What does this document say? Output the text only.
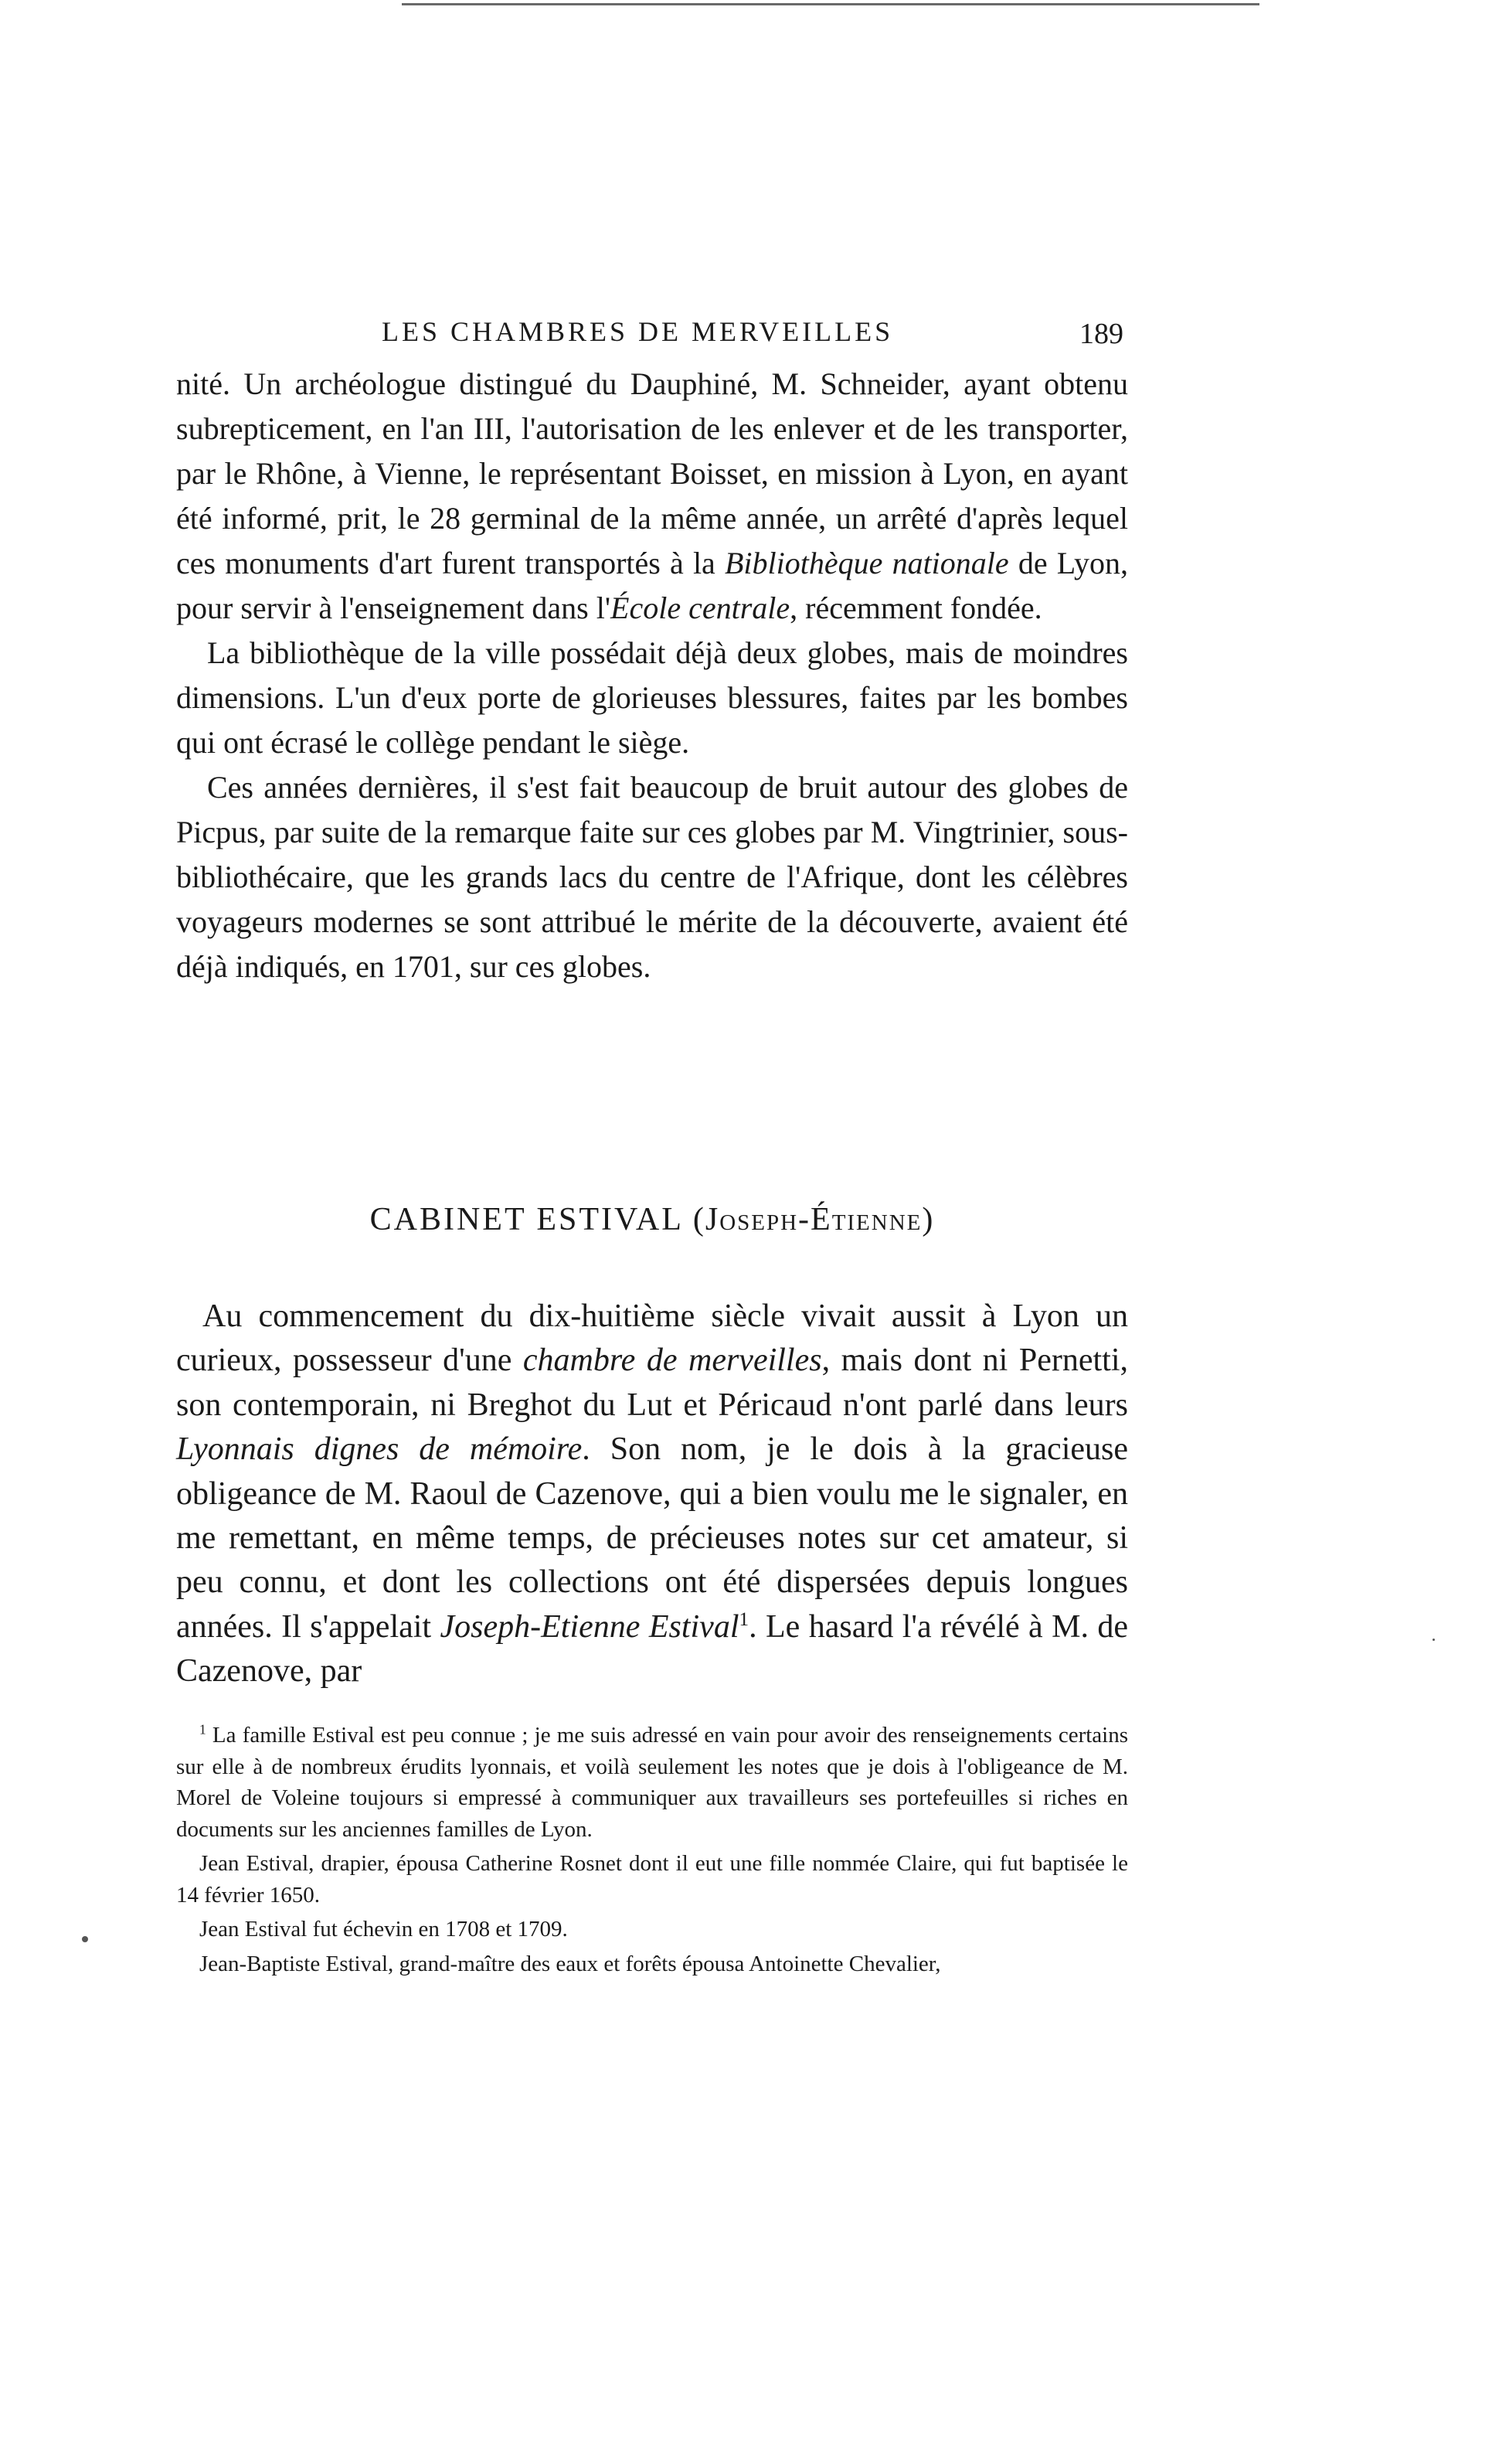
LES CHAMBRES DE MERVEILLES	189

nité. Un archéologue distingué du Dauphiné, M. Schneider, ayant obtenu subrepticement, en l'an III, l'autorisation de les enlever et de les transporter, par le Rhône, à Vienne, le représentant Boisset, en mission à Lyon, en ayant été informé, prit, le 28 germinal de la même année, un arrêté d'après lequel ces monuments d'art furent transportés à la Bibliothèque nationale de Lyon, pour servir à l'enseignement dans l'École centrale, récemment fondée.

La bibliothèque de la ville possédait déjà deux globes, mais de moindres dimensions. L'un d'eux porte de glorieuses blessures, faites par les bombes qui ont écrasé le collège pendant le siège.

Ces années dernières, il s'est fait beaucoup de bruit autour des globes de Picpus, par suite de la remarque faite sur ces globes par M. Vingtrinier, sous-bibliothécaire, que les grands lacs du centre de l'Afrique, dont les célèbres voyageurs modernes se sont attribué le mérite de la découverte, avaient été déjà indiqués, en 1701, sur ces globes.

CABINET ESTIVAL (Joseph-Étienne)

Au commencement du dix-huitième siècle vivait aussit à Lyon un curieux, possesseur d'une chambre de merveilles, mais dont ni Pernetti, son contemporain, ni Breghot du Lut et Péricaud n'ont parlé dans leurs Lyonnais dignes de mémoire. Son nom, je le dois à la gracieuse obligeance de M. Raoul de Cazenove, qui a bien voulu me le signaler, en me remettant, en même temps, de précieuses notes sur cet amateur, si peu connu, et dont les collections ont été dispersées depuis longues années. Il s'appelait Joseph-Etienne Estival$^1$. Le hasard l'a révélé à M. de Cazenove, par

$^1$ La famille Estival est peu connue ; je me suis adressé en vain pour avoir des renseignements certains sur elle à de nombreux érudits lyonnais, et voilà seulement les notes que je dois à l'obligeance de M. Morel de Voleine toujours si empressé à communiquer aux travailleurs ses portefeuilles si riches en documents sur les anciennes familles de Lyon.

Jean Estival, drapier, épousa Catherine Rosnet dont il eut une fille nommée Claire, qui fut baptisée le 14 février 1650.

Jean Estival fut échevin en 1708 et 1709.

Jean-Baptiste Estival, grand-maître des eaux et forêts épousa Antoinette Chevalier,
